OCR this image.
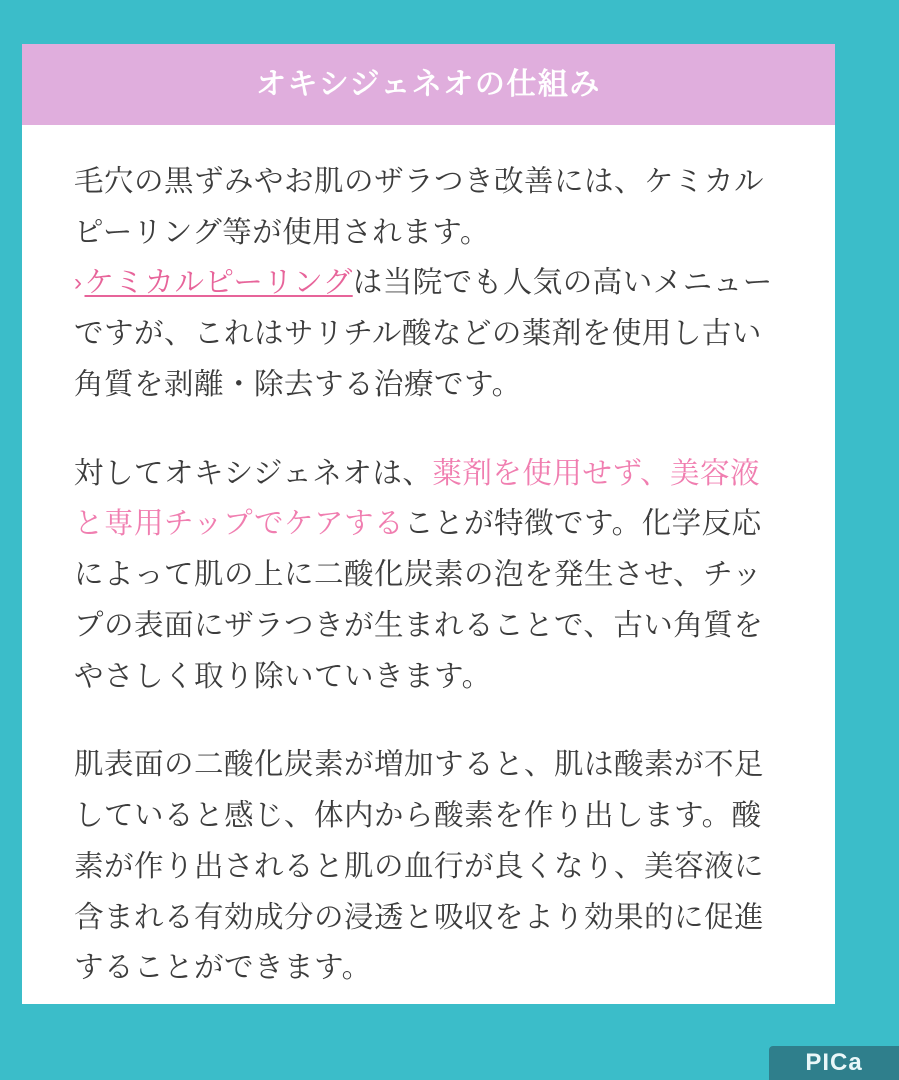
オキシジェネオの仕組み

毛穴の黒ずみやお肌のザラつき改善には、ケミカルピーリング等が使用されます。
›ケミカルピーリングは当院でも人気の高いメニューですが、これはサリチル酸などの薬剤を使用し古い角質を剥離・除去する治療です。

対してオキシジェネオは、薬剤を使用せず、美容液と専用チップでケアすることが特徴です。化学反応によって肌の上に二酸化炭素の泡を発生させ、チップの表面にザラつきが生まれることで、古い角質をやさしく取り除いていきます。

肌表面の二酸化炭素が増加すると、肌は酸素が不足していると感じ、体内から酸素を作り出します。酸素が作り出されると肌の血行が良くなり、美容液に含まれる有効成分の浸透と吸収をより効果的に促進することができます。

PICa
